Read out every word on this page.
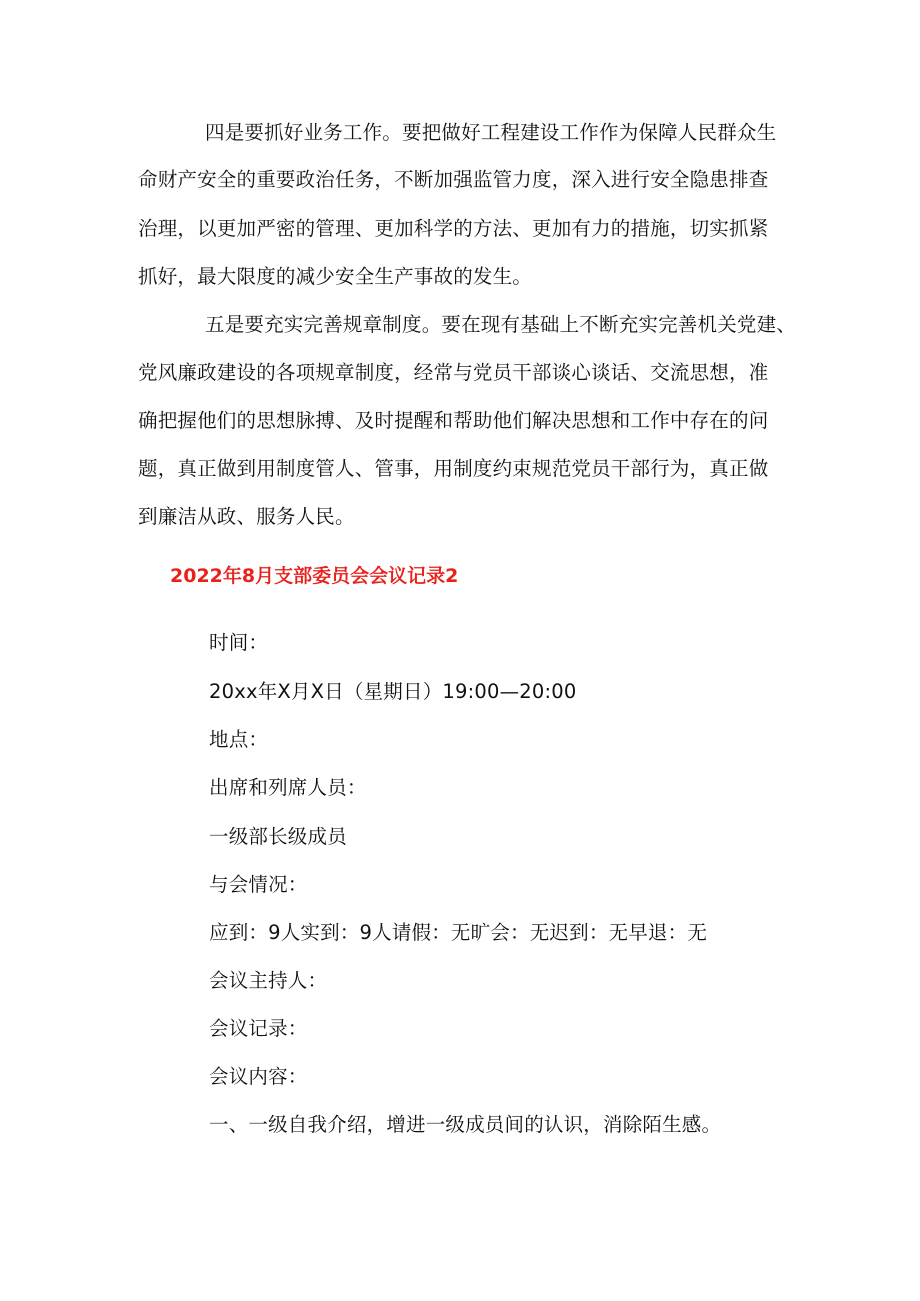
四是要抓好业务工作。要把做好工程建设工作作为保障人民群众生
命财产安全的重要政治任务，不断加强监管力度，深入进行安全隐患排查
治理，以更加严密的管理、更加科学的方法、更加有力的措施，切实抓紧
抓好，最大限度的减少安全生产事故的发生。
五是要充实完善规章制度。要在现有基础上不断充实完善机关党建、
党风廉政建设的各项规章制度，经常与党员干部谈心谈话、交流思想，准
确把握他们的思想脉搏、及时提醒和帮助他们解决思想和工作中存在的问
题，真正做到用制度管人、管事，用制度约束规范党员干部行为，真正做
到廉洁从政、服务人民。
2022年8月支部委员会会议记录2
时间：
20xx年X月X日（星期日）19:00—20:00
地点：
出席和列席人员：
一级部长级成员
与会情况：
应到：9人实到：9人请假：无旷会：无迟到：无早退：无
会议主持人：
会议记录：
会议内容：
一、一级自我介绍，增进一级成员间的认识，消除陌生感。
